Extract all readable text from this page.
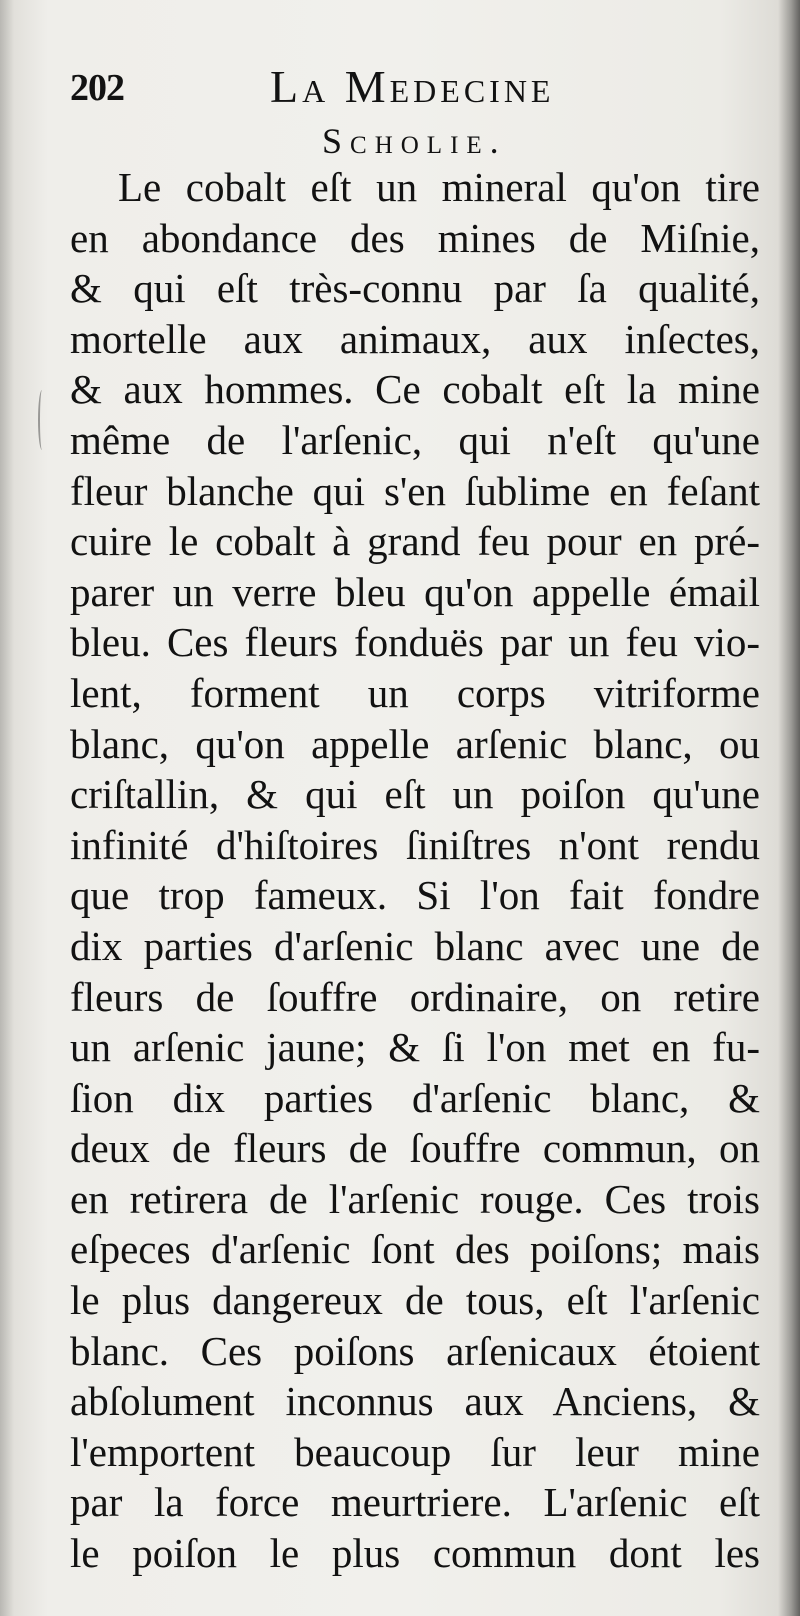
202	La Medecine
Scholie.
Le cobalt eſt un mineral qu'on tire
en abondance des mines de Miſnie,
& qui eſt très-connu par ſa qualité,
mortelle aux animaux, aux inſectes,
& aux hommes. Ce cobalt eſt la mine
même de l'arſenic, qui n'eſt qu'une
fleur blanche qui s'en ſublime en feſant
cuire le cobalt à grand feu pour en pré-
parer un verre bleu qu'on appelle émail
bleu. Ces fleurs fonduës par un feu vio-
lent, forment un corps vitriforme
blanc, qu'on appelle arſenic blanc, ou
criſtallin, & qui eſt un poiſon qu'une
infinité d'hiſtoires ſiniſtres n'ont rendu
que trop fameux. Si l'on fait fondre
dix parties d'arſenic blanc avec une de
fleurs de ſouffre ordinaire, on retire
un arſenic jaune; & ſi l'on met en fu-
ſion dix parties d'arſenic blanc, &
deux de fleurs de ſouffre commun, on
en retirera de l'arſenic rouge. Ces trois
eſpeces d'arſenic ſont des poiſons; mais
le plus dangereux de tous, eſt l'arſenic
blanc. Ces poiſons arſenicaux étoient
abſolument inconnus aux Anciens, &
l'emportent beaucoup ſur leur mine
par la force meurtriere. L'arſenic eſt
le poiſon le plus commun dont les
